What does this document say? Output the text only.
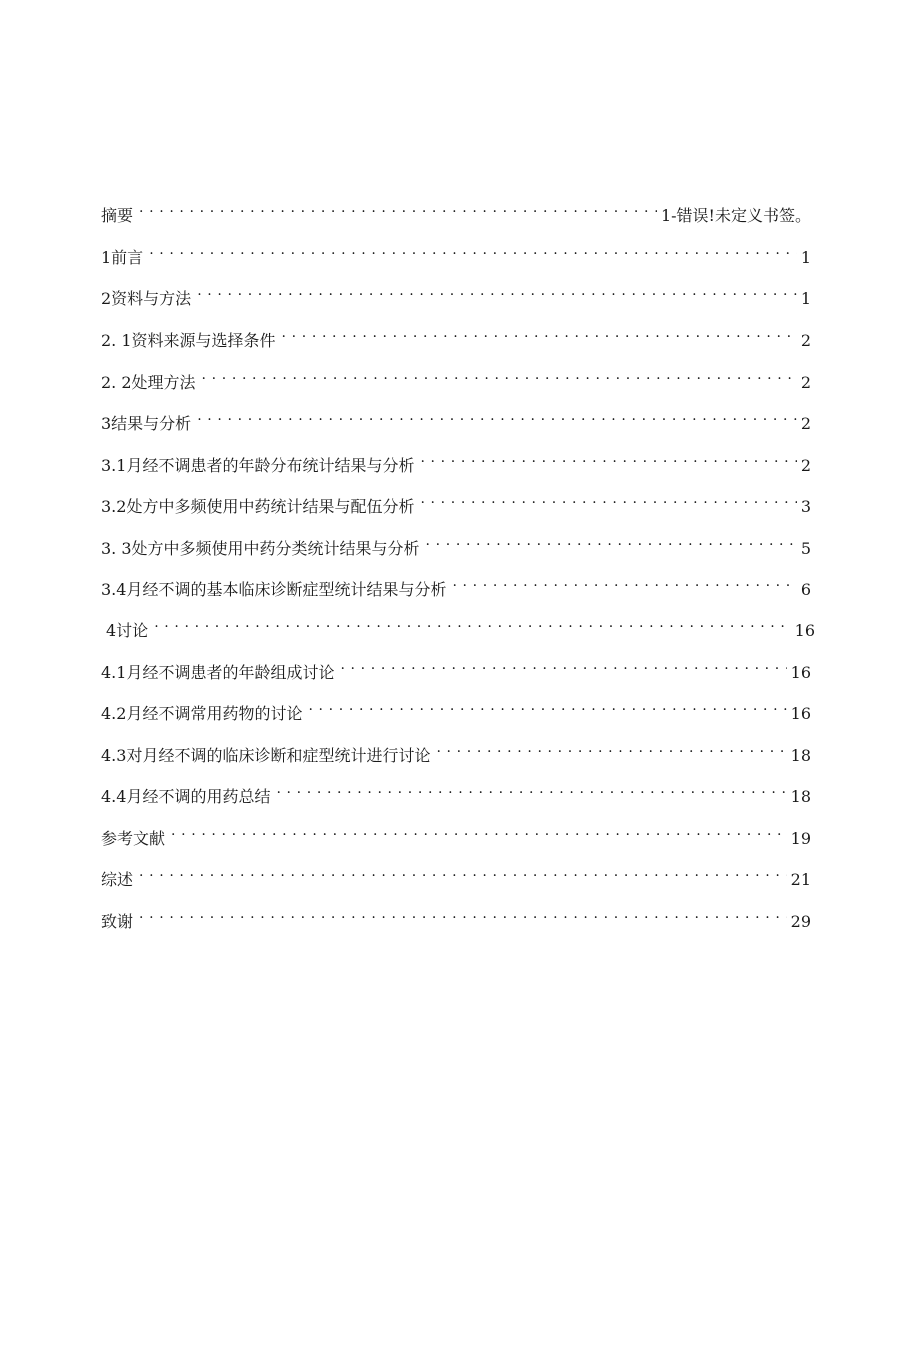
摘要 . . .	1-错误!未定义书签。
1前言 . . .	1
2资料与方法 . . .	1
2. 1资料来源与选择条件 . . .	2
2. 2处理方法 . . .	2
3结果与分析 . . .	2
3.1月经不调患者的年龄分布统计结果与分析 . . .	2
3.2处方中多频使用中药统计结果与配伍分析 . . .	3
3. 3处方中多频使用中药分类统计结果与分析 . . .	5
3.4月经不调的基本临床诊断症型统计结果与分析 . . .	6
4讨论 . . .	16
4.1月经不调患者的年龄组成讨论 . . .	16
4.2月经不调常用药物的讨论 . . .	16
4.3对月经不调的临床诊断和症型统计进行讨论 . . .	18
4.4月经不调的用药总结 . . .	18
参考文献 . . .	19
综述 . . .	21
致谢 . . .	29
